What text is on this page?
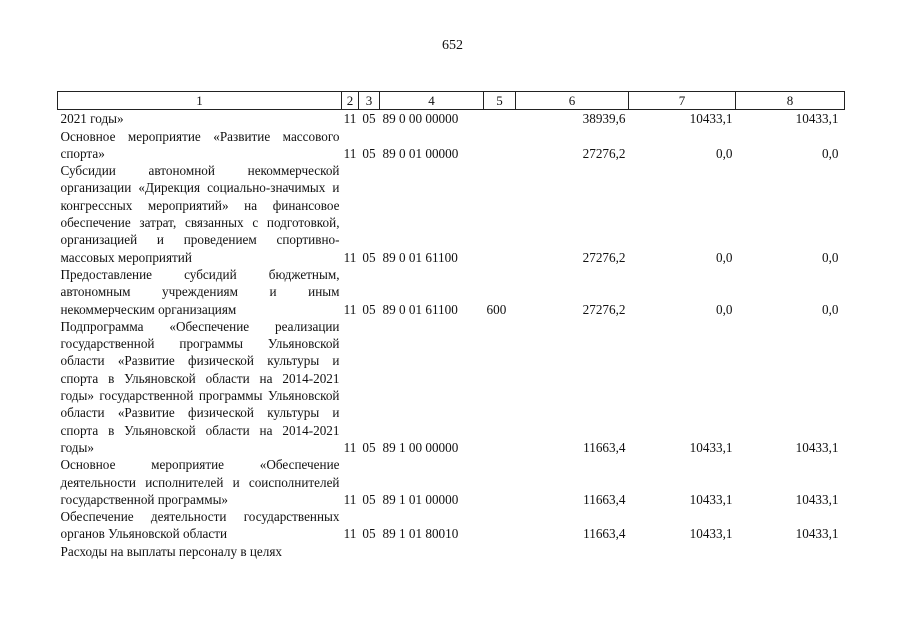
652
1	2	3	4	5	6	7	8
2021 годы»	11	05	89 0 00 00000		38939,6	10433,1	10433,1
Основное мероприятие «Развитие массового спорта»	11	05	89 0 01 00000		27276,2	0,0	0,0
Субсидии автономной некоммерческой организации «Дирекция социально-значимых и конгрессных мероприятий» на финансовое обеспечение затрат, связанных с подготовкой, организацией и проведением спортивно-массовых мероприятий	11	05	89 0 01 61100		27276,2	0,0	0,0
Предоставление субсидий бюджетным, автономным учреждениям и иным некоммерческим организациям	11	05	89 0 01 61100	600	27276,2	0,0	0,0
Подпрограмма «Обеспечение реализации государственной программы Ульяновской области «Развитие физической культуры и спорта в Ульяновской области на 2014-2021 годы» государственной программы Ульяновской области «Развитие физической культуры и спорта в Ульяновской области на 2014-2021 годы»	11	05	89 1 00 00000		11663,4	10433,1	10433,1
Основное мероприятие «Обеспечение деятельности исполнителей и соисполнителей государственной программы»	11	05	89 1 01 00000		11663,4	10433,1	10433,1
Обеспечение деятельности государственных органов Ульяновской области	11	05	89 1 01 80010		11663,4	10433,1	10433,1
Расходы на выплаты персоналу в целях							
